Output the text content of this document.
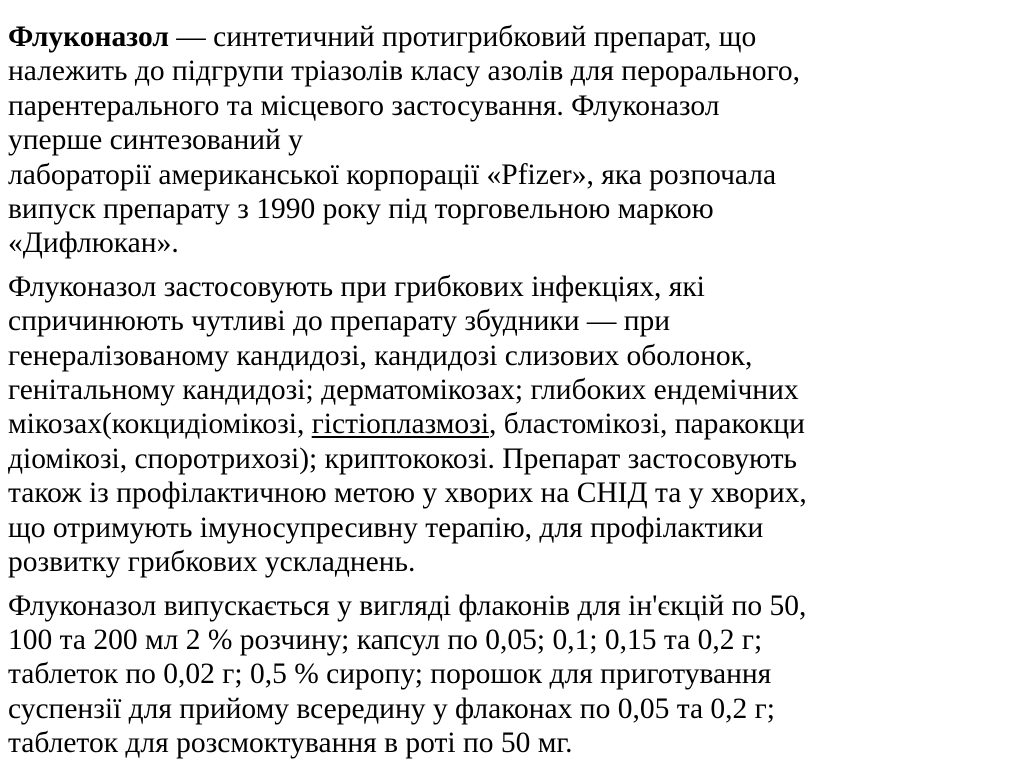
Флуконазол — синтетичний протигрибковий препарат, що
належить до підгрупи тріазолів класу азолів для перорального,
парентерального та місцевого застосування. Флуконазол
уперше синтезований у
лабораторії американської корпорації «Pfizer», яка розпочала
випуск препарату з 1990 року під торговельною маркою
«Дифлюкан».

Флуконазол застосовують при грибкових інфекціях, які
спричинюють чутливі до препарату збудники — при
генералізованому кандидозі, кандидозі слизових оболонок,
генітальному кандидозі; дерматомікозах; глибоких ендемічних
мікозах(кокцидіомікозі, гістіоплазмозі, бластомікозі, паракокци
діомікозі, споротрихозі); криптококозі. Препарат застосовують
також із профілактичною метою у хворих на СНІД та у хворих,
що отримують імуносупресивну терапію, для профілактики
розвитку грибкових ускладнень.

Флуконазол випускається у вигляді флаконів для ін'єкцій по 50,
100 та 200 мл 2 % розчину; капсул по 0,05; 0,1; 0,15 та 0,2 г;
таблеток по 0,02 г; 0,5 % сиропу; порошок для приготування
суспензії для прийому всередину у флаконах по 0,05 та 0,2 г;
таблеток для розсмоктування в роті по 50 мг.
